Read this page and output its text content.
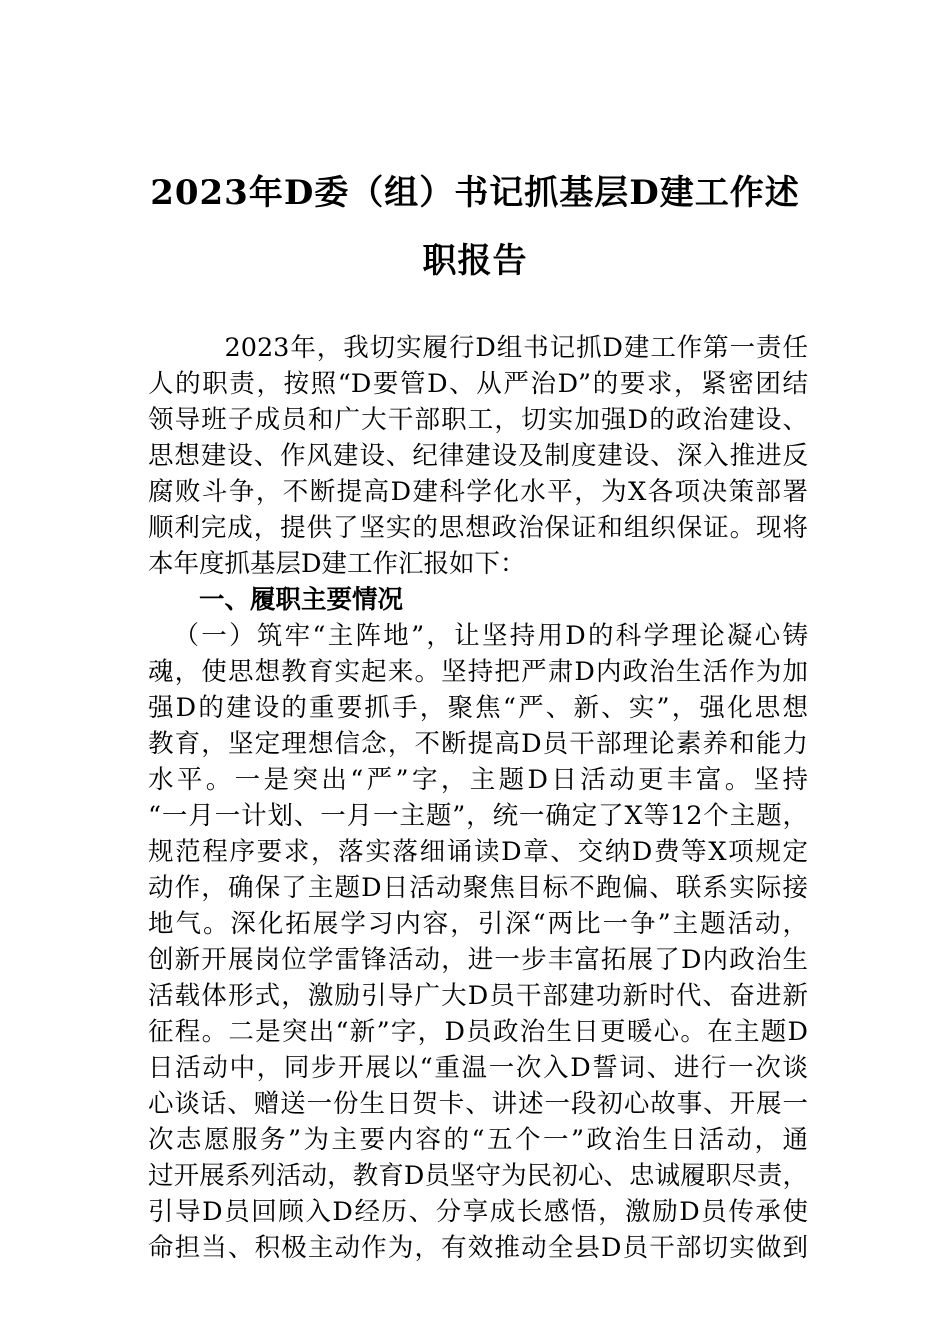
2023年D委（组）书记抓基层D建工作述
职报告
2023年，我切实履行D组书记抓D建工作第一责任
人的职责，按照“D要管D、从严治D”的要求，紧密团结
领导班子成员和广大干部职工，切实加强D的政治建设、
思想建设、作风建设、纪律建设及制度建设、深入推进反
腐败斗争，不断提高D建科学化水平，为X各项决策部署
顺利完成，提供了坚实的思想政治保证和组织保证。现将
本年度抓基层D建工作汇报如下：
一、履职主要情况
（一）筑牢“主阵地”，让坚持用D的科学理论凝心铸
魂，使思想教育实起来。坚持把严肃D内政治生活作为加
强D的建设的重要抓手，聚焦“严、新、实”，强化思想
教育，坚定理想信念，不断提高D员干部理论素养和能力
水平。一是突出“严”字，主题D日活动更丰富。坚持
“一月一计划、一月一主题”，统一确定了X等12个主题，
规范程序要求，落实落细诵读D章、交纳D费等X项规定
动作，确保了主题D日活动聚焦目标不跑偏、联系实际接
地气。深化拓展学习内容，引深“两比一争”主题活动，
创新开展岗位学雷锋活动，进一步丰富拓展了D内政治生
活载体形式，激励引导广大D员干部建功新时代、奋进新
征程。二是突出“新”字，D员政治生日更暖心。在主题D
日活动中，同步开展以“重温一次入D誓词、进行一次谈
心谈话、赠送一份生日贺卡、讲述一段初心故事、开展一
次志愿服务”为主要内容的“五个一”政治生日活动，通
过开展系列活动，教育D员坚守为民初心、忠诚履职尽责，
引导D员回顾入D经历、分享成长感悟，激励D员传承使
命担当、积极主动作为，有效推动全县D员干部切实做到
